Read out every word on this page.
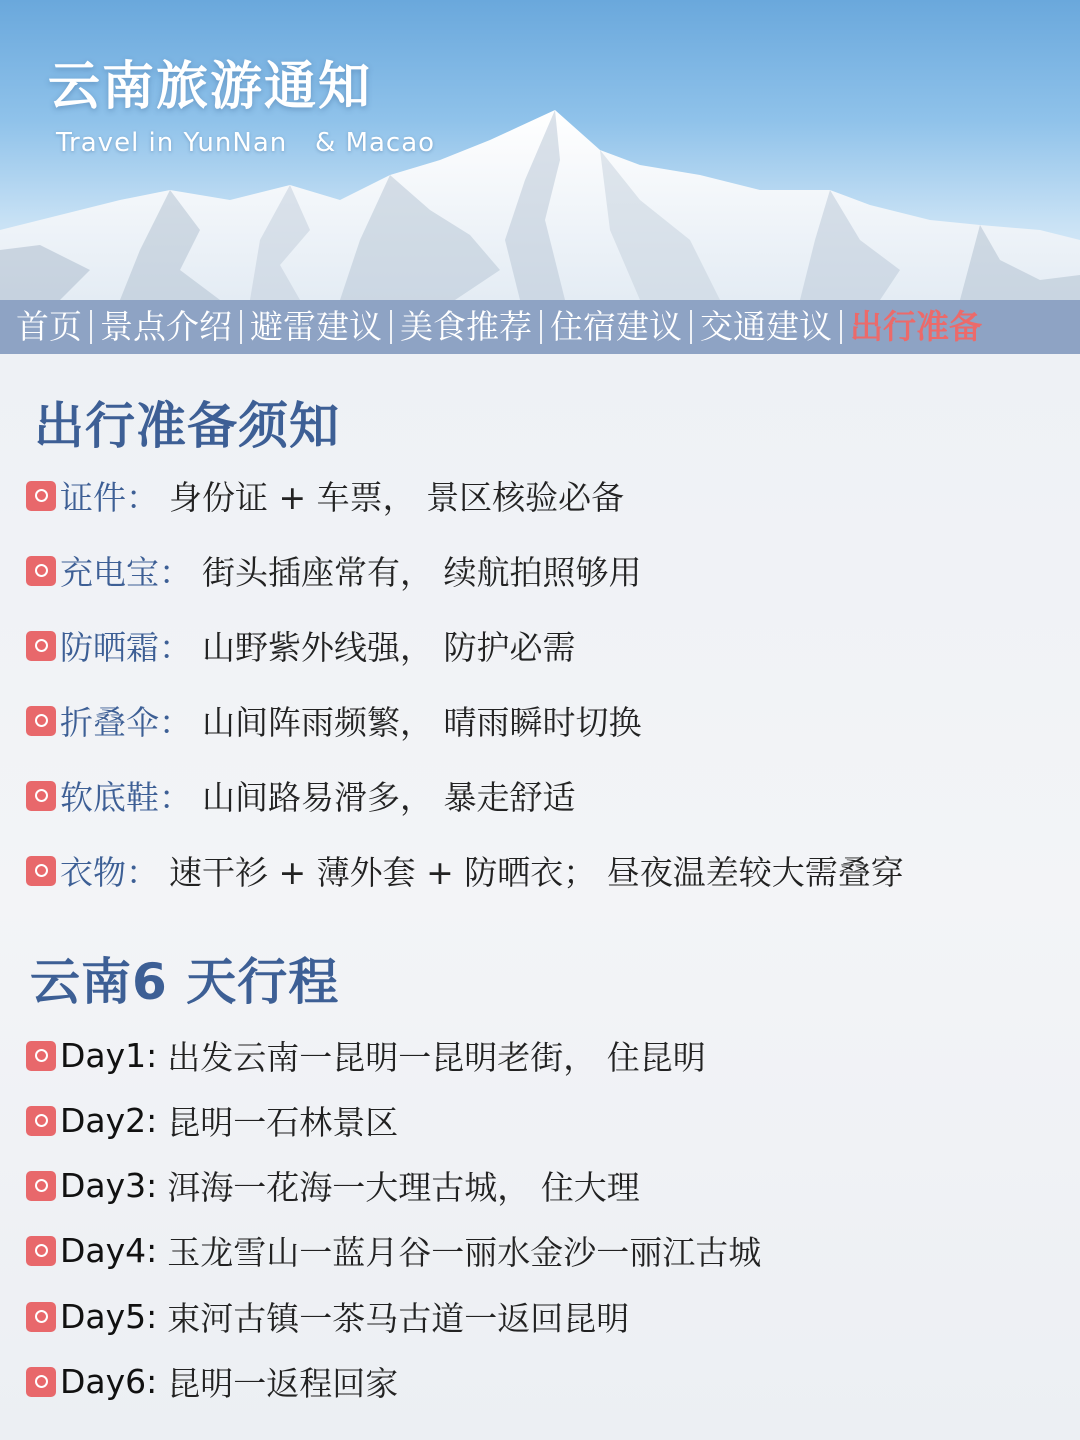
云南旅游通知
Travel in YunNan   & Macao
首页 景点介绍 避雷建议 美食推荐 住宿建议 交通建议 出行准备
出行准备须知
证件 ： 身份证 + 车票， 景区核验必备
充电宝 ： 街头插座常有， 续航拍照够用
防晒霜 ： 山野紫外线强， 防护必需
折叠伞 ： 山间阵雨频繁， 晴雨瞬时切换
软底鞋 ： 山间路易滑多， 暴走舒适
衣物 ： 速干衫 + 薄外套 + 防晒衣； 昼夜温差较大需叠穿
云南6 天行程
Day1: 出发云南一昆明一昆明老街， 住昆明
Day2: 昆明一石林景区
Day3: 洱海一花海一大理古城， 住大理
Day4: 玉龙雪山一蓝月谷一丽水金沙一丽江古城
Day5: 束河古镇一茶马古道一返回昆明
Day6: 昆明一返程回家
